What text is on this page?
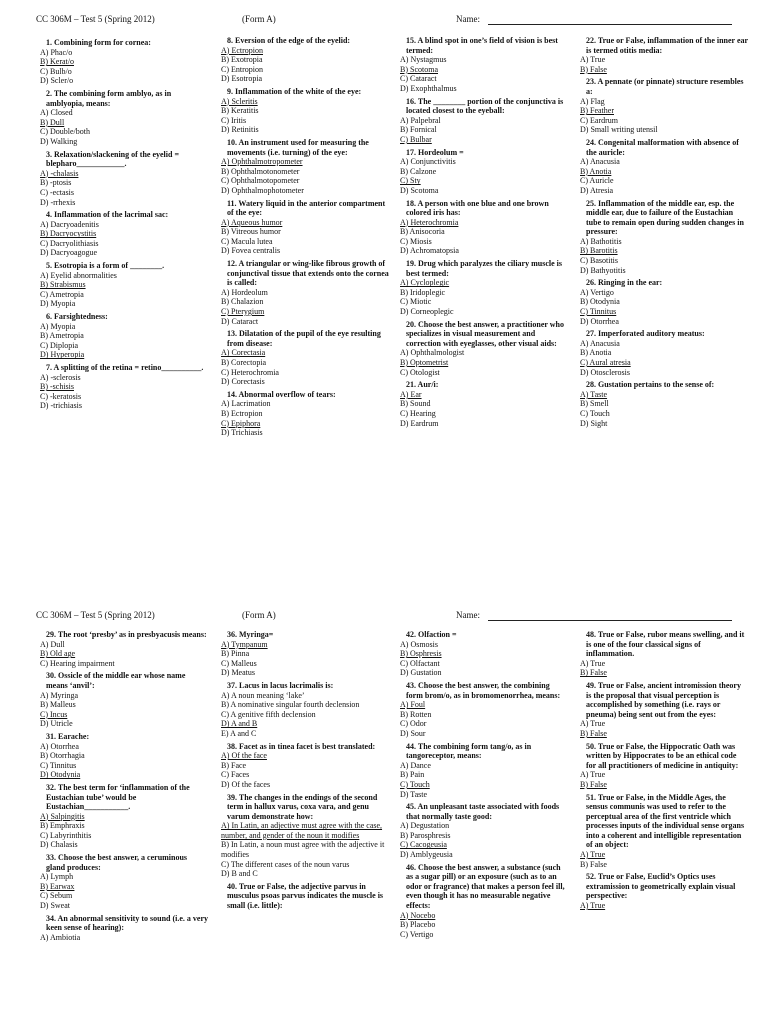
CC 306M – Test 5 (Spring 2012)	(Form A)	Name:
CC 306M – Test 5 (Spring 2012)	(Form A)	Name:
1. Combining form for cornea:
A) Phac/o
B) Kerat/o
C) Bulb/o
D) Scler/o
2. The combining form amblyo, as in amblyopia, means:
A) Closed
B) Dull
C) Double/both
D) Walking
3. Relaxation/slackening of the eyelid = blepharo____________.
A) -chalasis
B) -ptosis
C) -ectasis
D) -rrhexis
4. Inflammation of the lacrimal sac:
A) Dacryoadenitis
B) Dacryocystitis
C) Dacryolithiasis
D) Dacryoagogue
5. Esotropia is a form of ________.
A) Eyelid abnormalities
B) Strabismus
C) Ametropia
D) Myopia
6. Farsightedness:
A) Myopia
B) Ametropia
C) Diplopia
D) Hyperopia
7. A splitting of the retina = retino__________.
A) -sclerosis
B) -schisis
C) -keratosis
D) -trichiasis
8. Eversion of the edge of the eyelid:
A) Ectropion
B) Exotropia
C) Entropion
D) Esotropia
9. Inflammation of the white of the eye:
A) Scleritis
B) Keratitis
C) Iritis
D) Retinitis
10. An instrument used for measuring the movements (i.e. turning) of the eye:
A) Ophthalmotropometer
B) Ophthalmotonometer
C) Ophthalmotopometer
D) Ophthalmophotometer
11. Watery liquid in the anterior compartment of the eye:
A) Aqueous humor
B) Vitreous humor
C) Macula lutea
D) Fovea centralis
12. A triangular or wing-like fibrous growth of conjunctival tissue that extends onto the cornea is called:
A) Hordeolum
B) Chalazion
C) Pterygium
D) Cataract
13. Dilatation of the pupil of the eye resulting from disease:
A) Corectasia
B) Corectopia
C) Heterochromia
D) Corectasis
14. Abnormal overflow of tears:
A) Lacrimation
B) Ectropion
C) Epiphora
D) Trichiasis
15. A blind spot in one’s field of vision is best termed:
A) Nystagmus
B) Scotoma
C) Cataract
D) Exophthalmus
16. The ________ portion of the conjunctiva is located closest to the eyeball:
A) Palpebral
B) Fornical
C) Bulbar
17. Hordeolum =
A) Conjunctivitis
B) Calzone
C) Sty
D) Scotoma
18. A person with one blue and one brown colored iris has:
A) Heterochromia
B) Anisocoria
C) Miosis
D) Achromatopsia
19. Drug which paralyzes the ciliary muscle is best termed:
A) Cycloplegic
B) Iridoplegic
C) Miotic
D) Corneoplegic
20. Choose the best answer, a practitioner who specializes in visual measurement and correction with eyeglasses, other visual aids:
A) Ophthalmologist
B) Optometrist
C) Otologist
21. Aur/i:
A) Ear
B) Sound
C) Hearing
D) Eardrum
22. True or False, inflammation of the inner ear is termed otitis media:
A) True
B) False
23. A pennate (or pinnate) structure resembles a:
A) Flag
B) Feather
C) Eardrum
D) Small writing utensil
24. Congenital malformation with absence of the auricle:
A) Anacusia
B) Anotia
C) Auricle
D) Atresia
25. Inflammation of the middle ear, esp. the middle ear, due to failure of the Eustachian tube to remain open during sudden changes in pressure:
A) Bathotitis
B) Barotitis
C) Basotitis
D) Bathyotitis
26. Ringing in the ear:
A) Vertigo
B) Otodynia
C) Tinnitus
D) Otorrhea
27. Imperforated auditory meatus:
A) Anacusia
B) Anotia
C) Aural atresia
D) Otosclerosis
28. Gustation pertains to the sense of:
A) Taste
B) Smell
C) Touch
D) Sight
29. The root ‘presby’ as in presbyacusis means:
A) Dull
B) Old age
C) Hearing impairment
30. Ossicle of the middle ear whose name means ‘anvil’:
A) Myringa
B) Malleus
C) Incus
D) Utricle
31. Earache:
A) Otorrhea
B) Otorrhagia
C) Tinnitus
D) Otodynia
32. The best term for ‘inflammation of the Eustachian tube’ would be Eustachian___________.
A) Salpingitis
B) Emphraxis
C) Labyrinthitis
D) Chalasis
33. Choose the best answer, a ceruminous gland produces:
A) Lymph
B) Earwax
C) Sebum
D) Sweat
34. An abnormal sensitivity to sound (i.e. a very keen sense of hearing):
A) Ambiotia
36. Myringa=
A) Tympanum
B) Pinna
C) Malleus
D) Meatus
37. Lacus in lacus lacrimalis is:
A) A noun meaning ‘lake’
B) A nominative singular fourth declension
C) A genitive fifth declension
D) A and B
E) A and C
38. Facet as in tinea facet is best translated:
A) Of the face
B) Face
C) Faces
D) Of the faces
39. The changes in the endings of the second term in hallux varus, coxa vara, and genu varum demonstrate how:
A) In Latin, an adjective must agree with the case, number, and gender of the noun it modifies
B) In Latin, a noun must agree with the adjective it modifies
C) The different cases of the noun varus
D) B and C
40. True or False, the adjective parvus in musculus psoas parvus indicates the muscle is small (i.e. little):
42. Olfaction =
A) Osmosis
B) Osphresis
C) Olfactant
D) Gustation
43. Choose the best answer, the combining form brom/o, as in bromomenorrhea, means:
A) Foul
B) Rotten
C) Odor
D) Sour
44. The combining form tang/o, as in tangoreceptor, means:
A) Dance
B) Pain
C) Touch
D) Taste
45. An unpleasant taste associated with foods that normally taste good:
A) Degustation
B) Parosphresis
C) Cacogeusia
D) Amblygeusia
46. Choose the best answer, a substance (such as a sugar pill) or an exposure (such as to an odor or fragrance) that makes a person feel ill, even though it has no measurable negative effects:
A) Nocebo
B) Placebo
C) Vertigo
48. True or False, rubor means swelling, and it is one of the four classical signs of inflammation.
A) True
B) False
49. True or False, ancient intromission theory is the proposal that visual perception is accomplished by something (i.e. rays or pneuma) being sent out from the eyes:
A) True
B) False
50. True or False, the Hippocratic Oath was written by Hippocrates to be an ethical code for all practitioners of medicine in antiquity:
A) True
B) False
51. True or False, in the Middle Ages, the sensus communis was used to refer to the perceptual area of the first ventricle which processes inputs of the individual sense organs into a coherent and intelligible representation of an object:
A) True
B) False
52. True or False, Euclid’s Optics uses extramission to geometrically explain visual perspective:
A) True
